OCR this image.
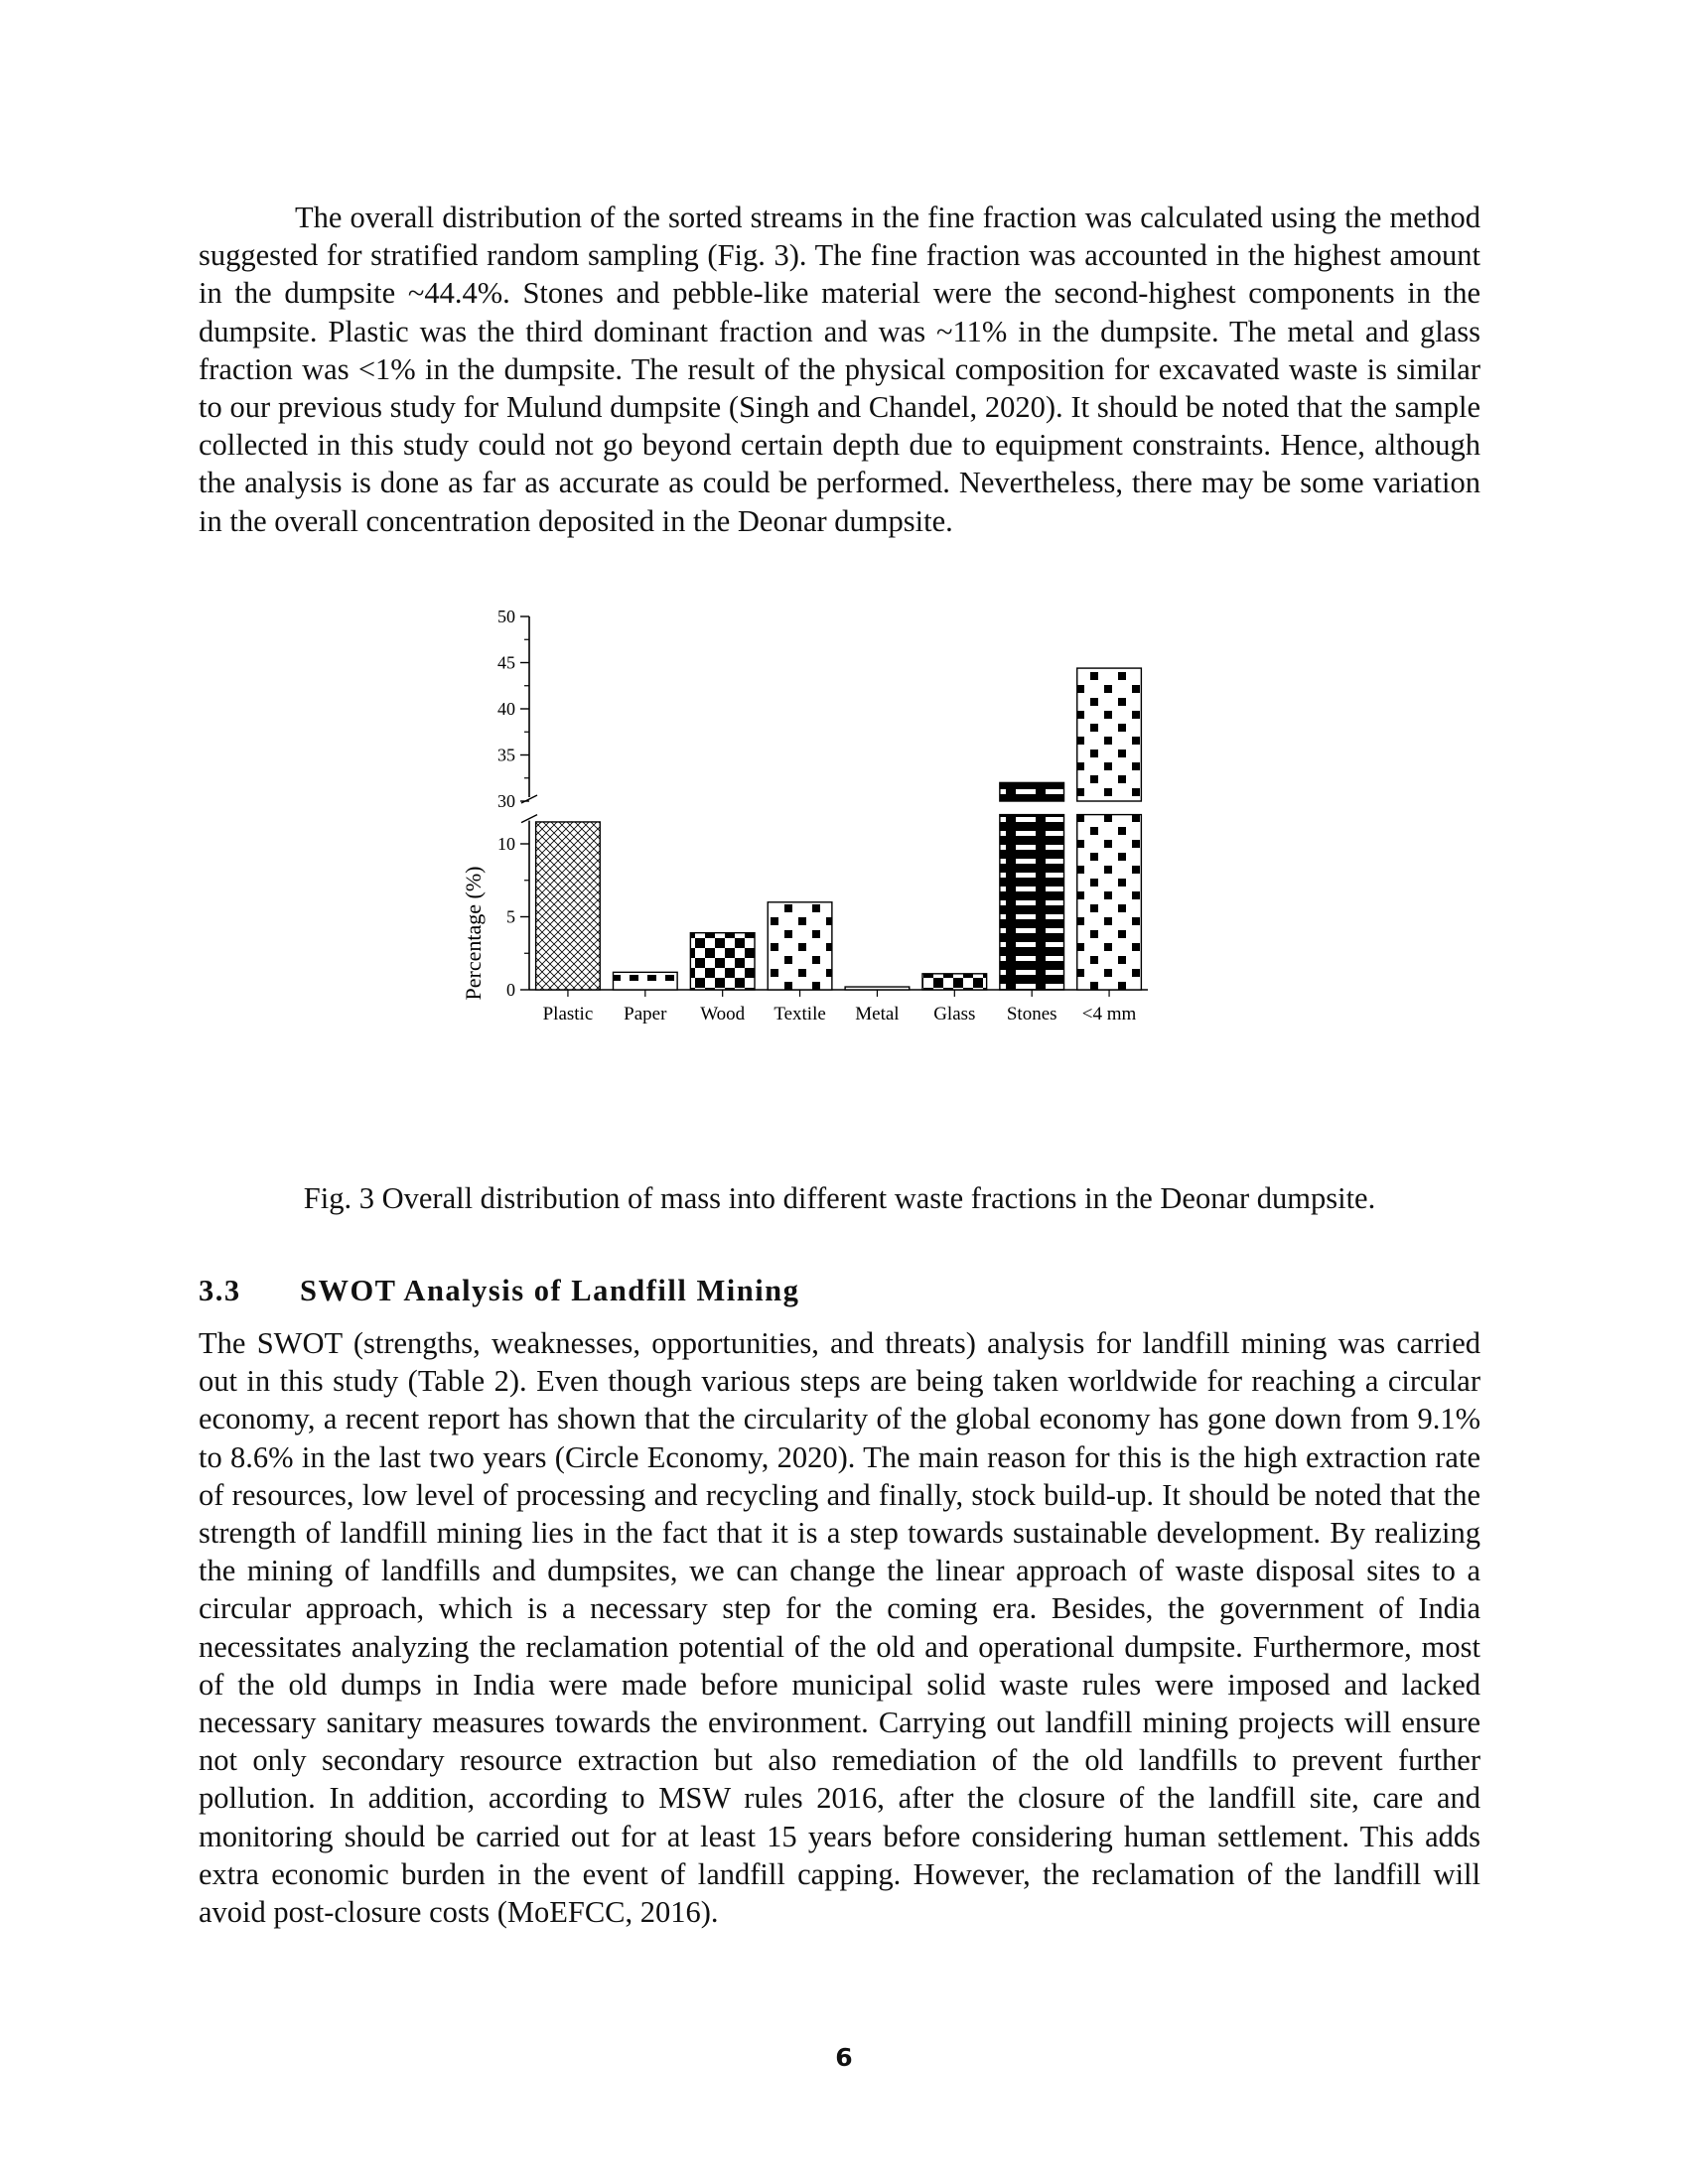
The overall distribution of the sorted streams in the fine fraction was calculated using the method suggested for stratified random sampling (Fig. 3). The fine fraction was accounted in the highest amount in the dumpsite ~44.4%. Stones and pebble-like material were the second-highest components in the dumpsite. Plastic was the third dominant fraction and was ~11% in the dumpsite. The metal and glass fraction was <1% in the dumpsite. The result of the physical composition for excavated waste is similar to our previous study for Mulund dumpsite (Singh and Chandel, 2020). It should be noted that the sample collected in this study could not go beyond certain depth due to equipment constraints. Hence, although the analysis is done as far as accurate as could be performed. Nevertheless, there may be some variation in the overall concentration deposited in the Deonar dumpsite.

0
5
10
30
35
40
45
50
Plastic Paper Wood Textile Metal Glass Stones <4 mm
Percentage (%)

Fig. 3 Overall distribution of mass into different waste fractions in the Deonar dumpsite.

3.3 SWOT Analysis of Landfill Mining

The SWOT (strengths, weaknesses, opportunities, and threats) analysis for landfill mining was carried out in this study (Table 2). Even though various steps are being taken worldwide for reaching a circular economy, a recent report has shown that the circularity of the global economy has gone down from 9.1% to 8.6% in the last two years (Circle Economy, 2020). The main reason for this is the high extraction rate of resources, low level of processing and recycling and finally, stock build-up. It should be noted that the strength of landfill mining lies in the fact that it is a step towards sustainable development. By realizing the mining of landfills and dumpsites, we can change the linear approach of waste disposal sites to a circular approach, which is a necessary step for the coming era. Besides, the government of India necessitates analyzing the reclamation potential of the old and operational dumpsite. Furthermore, most of the old dumps in India were made before municipal solid waste rules were imposed and lacked necessary sanitary measures towards the environment. Carrying out landfill mining projects will ensure not only secondary resource extraction but also remediation of the old landfills to prevent further pollution. In addition, according to MSW rules 2016, after the closure of the landfill site, care and monitoring should be carried out for at least 15 years before considering human settlement. This adds extra economic burden in the event of landfill capping. However, the reclamation of the landfill will avoid post-closure costs (MoEFCC, 2016).

6
